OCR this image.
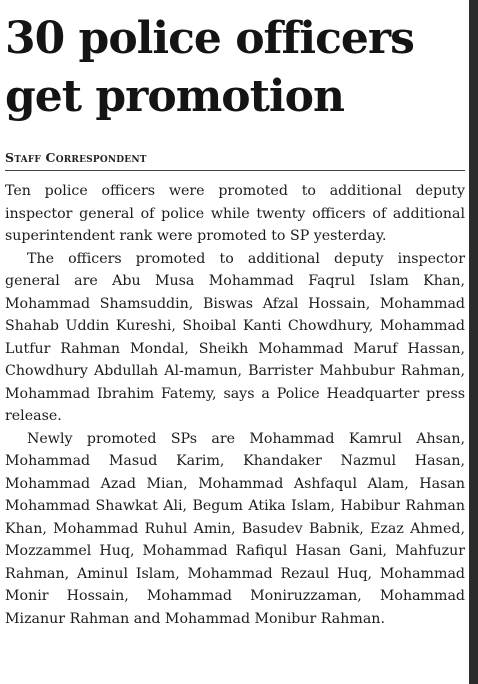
30 police officers get promotion
Staff Correspondent

Ten police officers were promoted to additional deputy inspector general of police while twenty officers of additional superintendent rank were promoted to SP yesterday.

The officers promoted to additional deputy inspector general are Abu Musa Mohammad Faqrul Islam Khan, Mohammad Shamsuddin, Biswas Afzal Hossain, Mohammad Shahab Uddin Kureshi, Shoibal Kanti Chowdhury, Mohammad Lutfur Rahman Mondal, Sheikh Mohammad Maruf Hassan, Chowdhury Abdullah Al-mamun, Barrister Mahbubur Rahman, Mohammad Ibrahim Fatemy, says a Police Headquarter press release.

Newly promoted SPs are Mohammad Kamrul Ahsan, Mohammad Masud Karim, Khandaker Nazmul Hasan, Mohammad Azad Mian, Mohammad Ashfaqul Alam, Hasan Mohammad Shawkat Ali, Begum Atika Islam, Habibur Rahman Khan, Mohammad Ruhul Amin, Basudev Babnik, Ezaz Ahmed, Mozzammel Huq, Mohammad Rafiqul Hasan Gani, Mahfuzur Rahman, Aminul Islam, Mohammad Rezaul Huq, Mohammad Monir Hossain, Mohammad Moniruzzaman, Mohammad Mizanur Rahman and Mohammad Monibur Rahman.
